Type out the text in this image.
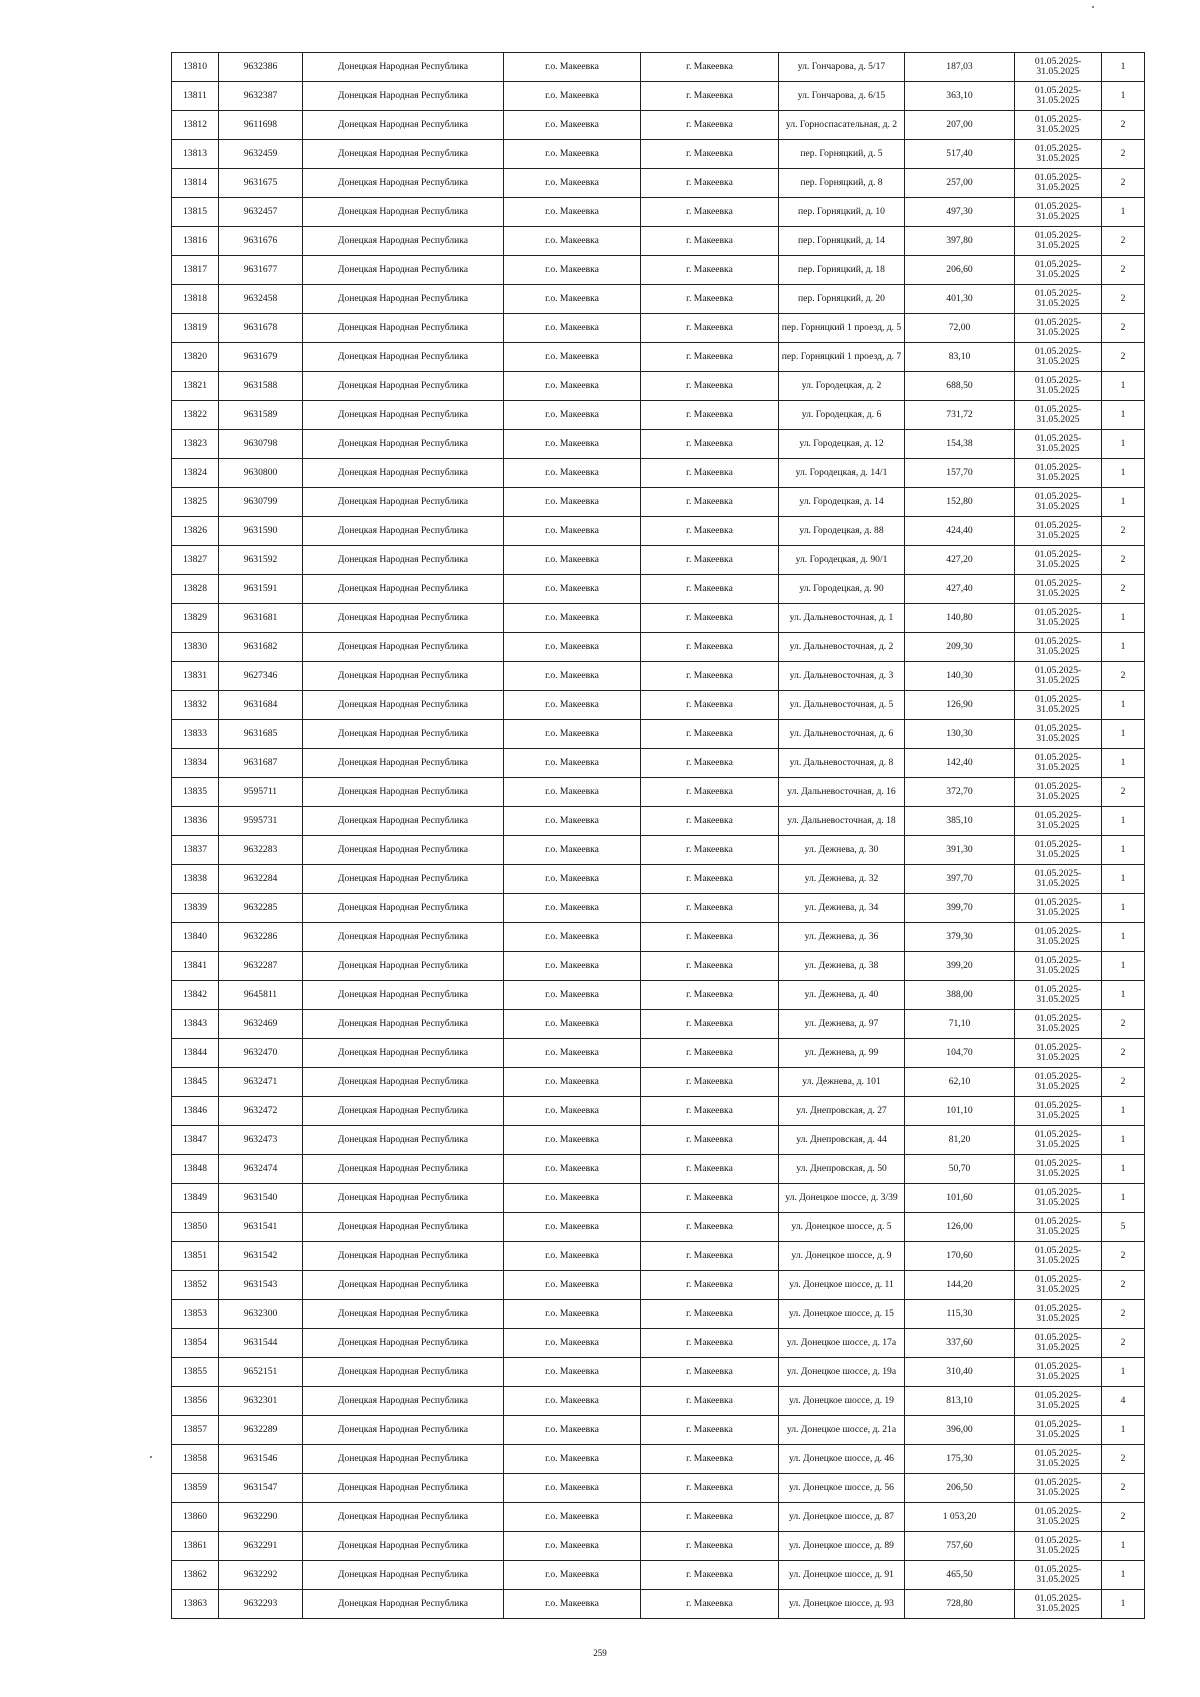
13810	9632386	Донецкая Народная Республика	г.о. Макеевка	г. Макеевка	ул. Гончарова, д. 5/17	187,03	01.05.2025-31.05.2025	1
13811	9632387	Донецкая Народная Республика	г.о. Макеевка	г. Макеевка	ул. Гончарова, д. 6/15	363,10	01.05.2025-31.05.2025	1
13812	9611698	Донецкая Народная Республика	г.о. Макеевка	г. Макеевка	ул. Горноспасательная, д. 2	207,00	01.05.2025-31.05.2025	2
13813	9632459	Донецкая Народная Республика	г.о. Макеевка	г. Макеевка	пер. Горняцкий, д. 5	517,40	01.05.2025-31.05.2025	2
13814	9631675	Донецкая Народная Республика	г.о. Макеевка	г. Макеевка	пер. Горняцкий, д. 8	257,00	01.05.2025-31.05.2025	2
13815	9632457	Донецкая Народная Республика	г.о. Макеевка	г. Макеевка	пер. Горняцкий, д. 10	497,30	01.05.2025-31.05.2025	1
13816	9631676	Донецкая Народная Республика	г.о. Макеевка	г. Макеевка	пер. Горняцкий, д. 14	397,80	01.05.2025-31.05.2025	2
13817	9631677	Донецкая Народная Республика	г.о. Макеевка	г. Макеевка	пер. Горняцкий, д. 18	206,60	01.05.2025-31.05.2025	2
13818	9632458	Донецкая Народная Республика	г.о. Макеевка	г. Макеевка	пер. Горняцкий, д. 20	401,30	01.05.2025-31.05.2025	2
13819	9631678	Донецкая Народная Республика	г.о. Макеевка	г. Макеевка	пер. Горняцкий 1 проезд, д. 5	72,00	01.05.2025-31.05.2025	2
13820	9631679	Донецкая Народная Республика	г.о. Макеевка	г. Макеевка	пер. Горняцкий 1 проезд, д. 7	83,10	01.05.2025-31.05.2025	2
13821	9631588	Донецкая Народная Республика	г.о. Макеевка	г. Макеевка	ул. Городецкая, д. 2	688,50	01.05.2025-31.05.2025	1
13822	9631589	Донецкая Народная Республика	г.о. Макеевка	г. Макеевка	ул. Городецкая, д. 6	731,72	01.05.2025-31.05.2025	1
13823	9630798	Донецкая Народная Республика	г.о. Макеевка	г. Макеевка	ул. Городецкая, д. 12	154,38	01.05.2025-31.05.2025	1
13824	9630800	Донецкая Народная Республика	г.о. Макеевка	г. Макеевка	ул. Городецкая, д. 14/1	157,70	01.05.2025-31.05.2025	1
13825	9630799	Донецкая Народная Республика	г.о. Макеевка	г. Макеевка	ул. Городецкая, д. 14	152,80	01.05.2025-31.05.2025	1
13826	9631590	Донецкая Народная Республика	г.о. Макеевка	г. Макеевка	ул. Городецкая, д. 88	424,40	01.05.2025-31.05.2025	2
13827	9631592	Донецкая Народная Республика	г.о. Макеевка	г. Макеевка	ул. Городецкая, д. 90/1	427,20	01.05.2025-31.05.2025	2
13828	9631591	Донецкая Народная Республика	г.о. Макеевка	г. Макеевка	ул. Городецкая, д. 90	427,40	01.05.2025-31.05.2025	2
13829	9631681	Донецкая Народная Республика	г.о. Макеевка	г. Макеевка	ул. Дальневосточная, д. 1	140,80	01.05.2025-31.05.2025	1
13830	9631682	Донецкая Народная Республика	г.о. Макеевка	г. Макеевка	ул. Дальневосточная, д. 2	209,30	01.05.2025-31.05.2025	1
13831	9627346	Донецкая Народная Республика	г.о. Макеевка	г. Макеевка	ул. Дальневосточная, д. 3	140,30	01.05.2025-31.05.2025	2
13832	9631684	Донецкая Народная Республика	г.о. Макеевка	г. Макеевка	ул. Дальневосточная, д. 5	126,90	01.05.2025-31.05.2025	1
13833	9631685	Донецкая Народная Республика	г.о. Макеевка	г. Макеевка	ул. Дальневосточная, д. 6	130,30	01.05.2025-31.05.2025	1
13834	9631687	Донецкая Народная Республика	г.о. Макеевка	г. Макеевка	ул. Дальневосточная, д. 8	142,40	01.05.2025-31.05.2025	1
13835	9595711	Донецкая Народная Республика	г.о. Макеевка	г. Макеевка	ул. Дальневосточная, д. 16	372,70	01.05.2025-31.05.2025	2
13836	9595731	Донецкая Народная Республика	г.о. Макеевка	г. Макеевка	ул. Дальневосточная, д. 18	385,10	01.05.2025-31.05.2025	1
13837	9632283	Донецкая Народная Республика	г.о. Макеевка	г. Макеевка	ул. Дежнева, д. 30	391,30	01.05.2025-31.05.2025	1
13838	9632284	Донецкая Народная Республика	г.о. Макеевка	г. Макеевка	ул. Дежнева, д. 32	397,70	01.05.2025-31.05.2025	1
13839	9632285	Донецкая Народная Республика	г.о. Макеевка	г. Макеевка	ул. Дежнева, д. 34	399,70	01.05.2025-31.05.2025	1
13840	9632286	Донецкая Народная Республика	г.о. Макеевка	г. Макеевка	ул. Дежнева, д. 36	379,30	01.05.2025-31.05.2025	1
13841	9632287	Донецкая Народная Республика	г.о. Макеевка	г. Макеевка	ул. Дежнева, д. 38	399,20	01.05.2025-31.05.2025	1
13842	9645811	Донецкая Народная Республика	г.о. Макеевка	г. Макеевка	ул. Дежнева, д. 40	388,00	01.05.2025-31.05.2025	1
13843	9632469	Донецкая Народная Республика	г.о. Макеевка	г. Макеевка	ул. Дежнева, д. 97	71,10	01.05.2025-31.05.2025	2
13844	9632470	Донецкая Народная Республика	г.о. Макеевка	г. Макеевка	ул. Дежнева, д. 99	104,70	01.05.2025-31.05.2025	2
13845	9632471	Донецкая Народная Республика	г.о. Макеевка	г. Макеевка	ул. Дежнева, д. 101	62,10	01.05.2025-31.05.2025	2
13846	9632472	Донецкая Народная Республика	г.о. Макеевка	г. Макеевка	ул. Днепровская, д. 27	101,10	01.05.2025-31.05.2025	1
13847	9632473	Донецкая Народная Республика	г.о. Макеевка	г. Макеевка	ул. Днепровская, д. 44	81,20	01.05.2025-31.05.2025	1
13848	9632474	Донецкая Народная Республика	г.о. Макеевка	г. Макеевка	ул. Днепровская, д. 50	50,70	01.05.2025-31.05.2025	1
13849	9631540	Донецкая Народная Республика	г.о. Макеевка	г. Макеевка	ул. Донецкое шоссе, д. 3/39	101,60	01.05.2025-31.05.2025	1
13850	9631541	Донецкая Народная Республика	г.о. Макеевка	г. Макеевка	ул. Донецкое шоссе, д. 5	126,00	01.05.2025-31.05.2025	5
13851	9631542	Донецкая Народная Республика	г.о. Макеевка	г. Макеевка	ул. Донецкое шоссе, д. 9	170,60	01.05.2025-31.05.2025	2
13852	9631543	Донецкая Народная Республика	г.о. Макеевка	г. Макеевка	ул. Донецкое шоссе, д. 11	144,20	01.05.2025-31.05.2025	2
13853	9632300	Донецкая Народная Республика	г.о. Макеевка	г. Макеевка	ул. Донецкое шоссе, д. 15	115,30	01.05.2025-31.05.2025	2
13854	9631544	Донецкая Народная Республика	г.о. Макеевка	г. Макеевка	ул. Донецкое шоссе, д. 17а	337,60	01.05.2025-31.05.2025	2
13855	9652151	Донецкая Народная Республика	г.о. Макеевка	г. Макеевка	ул. Донецкое шоссе, д. 19а	310,40	01.05.2025-31.05.2025	1
13856	9632301	Донецкая Народная Республика	г.о. Макеевка	г. Макеевка	ул. Донецкое шоссе, д. 19	813,10	01.05.2025-31.05.2025	4
13857	9632289	Донецкая Народная Республика	г.о. Макеевка	г. Макеевка	ул. Донецкое шоссе, д. 21а	396,00	01.05.2025-31.05.2025	1
13858	9631546	Донецкая Народная Республика	г.о. Макеевка	г. Макеевка	ул. Донецкое шоссе, д. 46	175,30	01.05.2025-31.05.2025	2
13859	9631547	Донецкая Народная Республика	г.о. Макеевка	г. Макеевка	ул. Донецкое шоссе, д. 56	206,50	01.05.2025-31.05.2025	2
13860	9632290	Донецкая Народная Республика	г.о. Макеевка	г. Макеевка	ул. Донецкое шоссе, д. 87	1 053,20	01.05.2025-31.05.2025	2
13861	9632291	Донецкая Народная Республика	г.о. Макеевка	г. Макеевка	ул. Донецкое шоссе, д. 89	757,60	01.05.2025-31.05.2025	1
13862	9632292	Донецкая Народная Республика	г.о. Макеевка	г. Макеевка	ул. Донецкое шоссе, д. 91	465,50	01.05.2025-31.05.2025	1
13863	9632293	Донецкая Народная Республика	г.о. Макеевка	г. Макеевка	ул. Донецкое шоссе, д. 93	728,80	01.05.2025-31.05.2025	1
259
